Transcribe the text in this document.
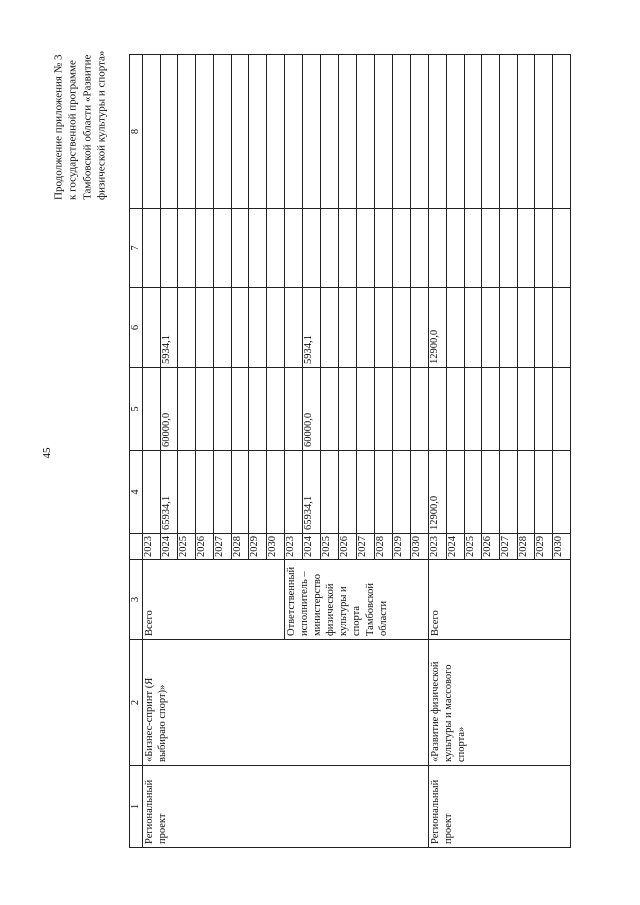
45
Продолжение приложения № 3 к государственной программе Тамбовской области «Развитие физической культуры и спорта»
1	2	3		4	5	6	7	8
Региональный проект	«Бизнес-спринт (Я выбираю спорт)»	Всего	2023					
			2024	65934,1	60000,0	5934,1		
			2025					
			2026					
			2027					
			2028					
			2029					
			2030					
		Ответственный исполнитель – министерство физической культуры и спорта Тамбовской области	2023					
			2024	65934,1	60000,0	5934,1		
			2025					
			2026					
			2027					
			2028					
			2029					
			2030					
Региональный проект	«Развитие физической культуры и массового спорта»	Всего	2023	12900,0		12900,0		
			2024					
			2025					
			2026					
			2027					
			2028					
			2029					
			2030					
